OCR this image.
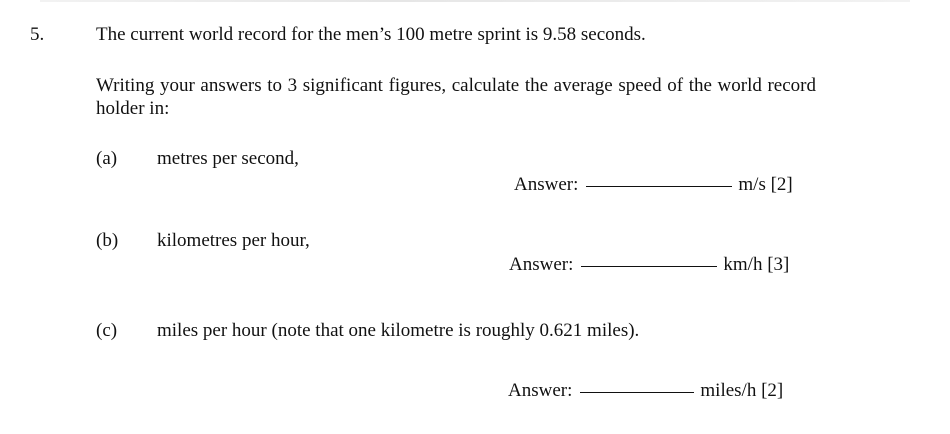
5.	The current world record for the men’s 100 metre sprint is 9.58 seconds.
Writing your answers to 3 significant figures, calculate the average speed of the world record holder in:
(a)	metres per second,
Answer:	m/s [2]
(b)	kilometres per hour,
Answer:	km/h [3]
(c)	miles per hour (note that one kilometre is roughly 0.621 miles).
Answer:	miles/h [2]
